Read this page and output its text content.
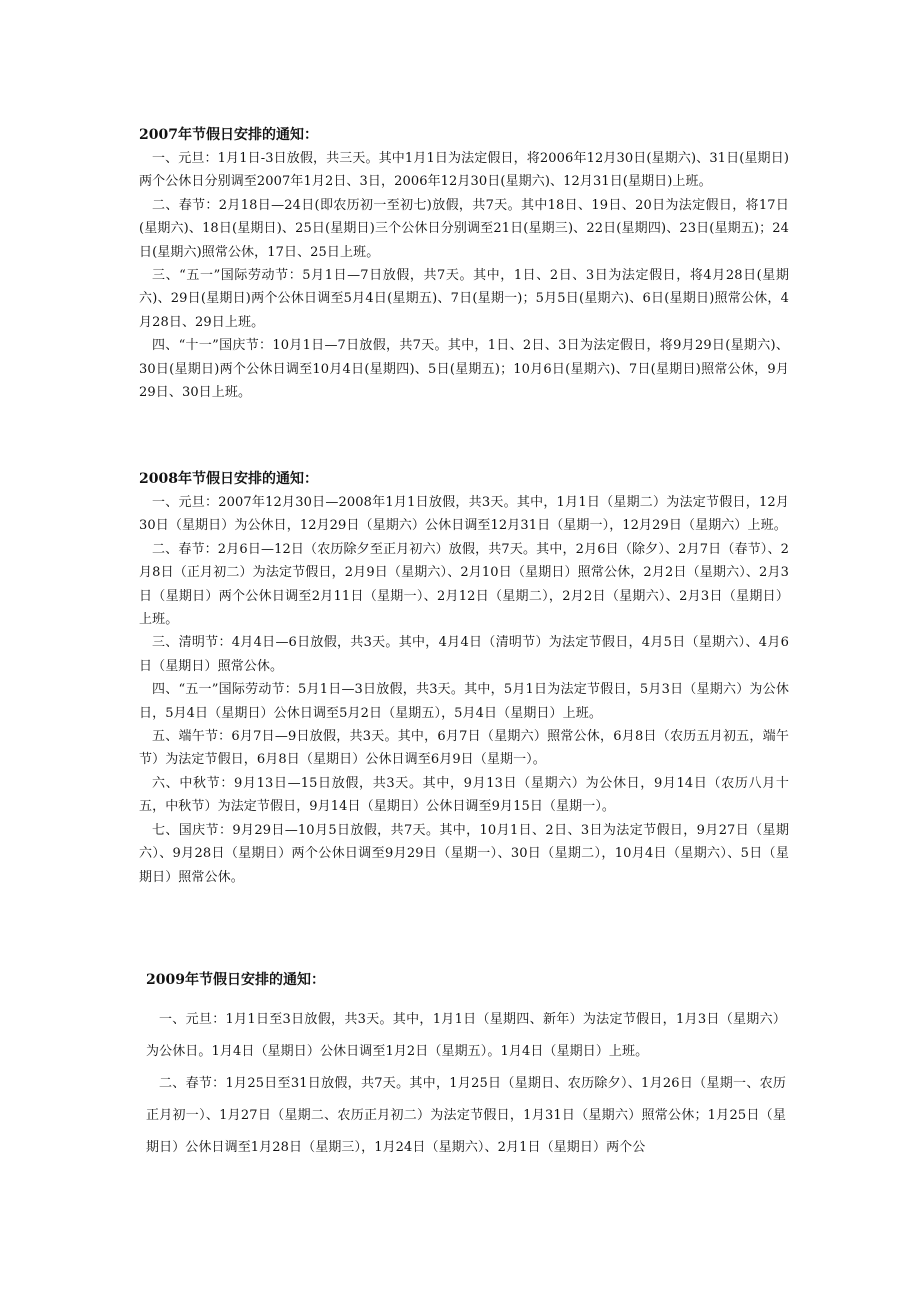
2007年节假日安排的通知：

一、元旦：1月1日-3日放假，共三天。其中1月1日为法定假日，将2006年12月30日(星期六)、31日(星期日)两个公休日分别调至2007年1月2日、3日，2006年12月30日(星期六)、12月31日(星期日)上班。

二、春节：2月18日—24日(即农历初一至初七)放假，共7天。其中18日、19日、20日为法定假日，将17日(星期六)、18日(星期日)、25日(星期日)三个公休日分别调至21日(星期三)、22日(星期四)、23日(星期五)；24日(星期六)照常公休，17日、25日上班。

三、“五一”国际劳动节：5月1日—7日放假，共7天。其中，1日、2日、3日为法定假日，将4月28日(星期六)、29日(星期日)两个公休日调至5月4日(星期五)、7日(星期一)；5月5日(星期六)、6日(星期日)照常公休，4月28日、29日上班。

四、“十一”国庆节：10月1日—7日放假，共7天。其中，1日、2日、3日为法定假日，将9月29日(星期六)、30日(星期日)两个公休日调至10月4日(星期四)、5日(星期五)；10月6日(星期六)、7日(星期日)照常公休，9月29日、30日上班。

2008年节假日安排的通知：

一、元旦：2007年12月30日—2008年1月1日放假，共3天。其中，1月1日（星期二）为法定节假日，12月30日（星期日）为公休日，12月29日（星期六）公休日调至12月31日（星期一），12月29日（星期六）上班。

二、春节：2月6日—12日（农历除夕至正月初六）放假，共7天。其中，2月6日（除夕）、2月7日（春节）、2月8日（正月初二）为法定节假日，2月9日（星期六）、2月10日（星期日）照常公休，2月2日（星期六）、2月3日（星期日）两个公休日调至2月11日（星期一）、2月12日（星期二），2月2日（星期六）、2月3日（星期日）上班。

三、清明节：4月4日—6日放假，共3天。其中，4月4日（清明节）为法定节假日，4月5日（星期六）、4月6日（星期日）照常公休。

四、“五一”国际劳动节：5月1日—3日放假，共3天。其中，5月1日为法定节假日，5月3日（星期六）为公休日，5月4日（星期日）公休日调至5月2日（星期五），5月4日（星期日）上班。

五、端午节：6月7日—9日放假，共3天。其中，6月7日（星期六）照常公休，6月8日（农历五月初五，端午节）为法定节假日，6月8日（星期日）公休日调至6月9日（星期一）。

六、中秋节：9月13日—15日放假，共3天。其中，9月13日（星期六）为公休日，9月14日（农历八月十五，中秋节）为法定节假日，9月14日（星期日）公休日调至9月15日（星期一）。

七、国庆节：9月29日—10月5日放假，共7天。其中，10月1日、2日、3日为法定节假日，9月27日（星期六）、9月28日（星期日）两个公休日调至9月29日（星期一）、30日（星期二），10月4日（星期六）、5日（星期日）照常公休。

2009年节假日安排的通知：

一、元旦：1月1日至3日放假，共3天。其中，1月1日（星期四、新年）为法定节假日，1月3日（星期六）为公休日。1月4日（星期日）公休日调至1月2日（星期五）。1月4日（星期日）上班。

二、春节：1月25日至31日放假，共7天。其中，1月25日（星期日、农历除夕）、1月26日（星期一、农历正月初一）、1月27日（星期二、农历正月初二）为法定节假日，1月31日（星期六）照常公休；1月25日（星期日）公休日调至1月28日（星期三），1月24日（星期六）、2月1日（星期日）两个公
